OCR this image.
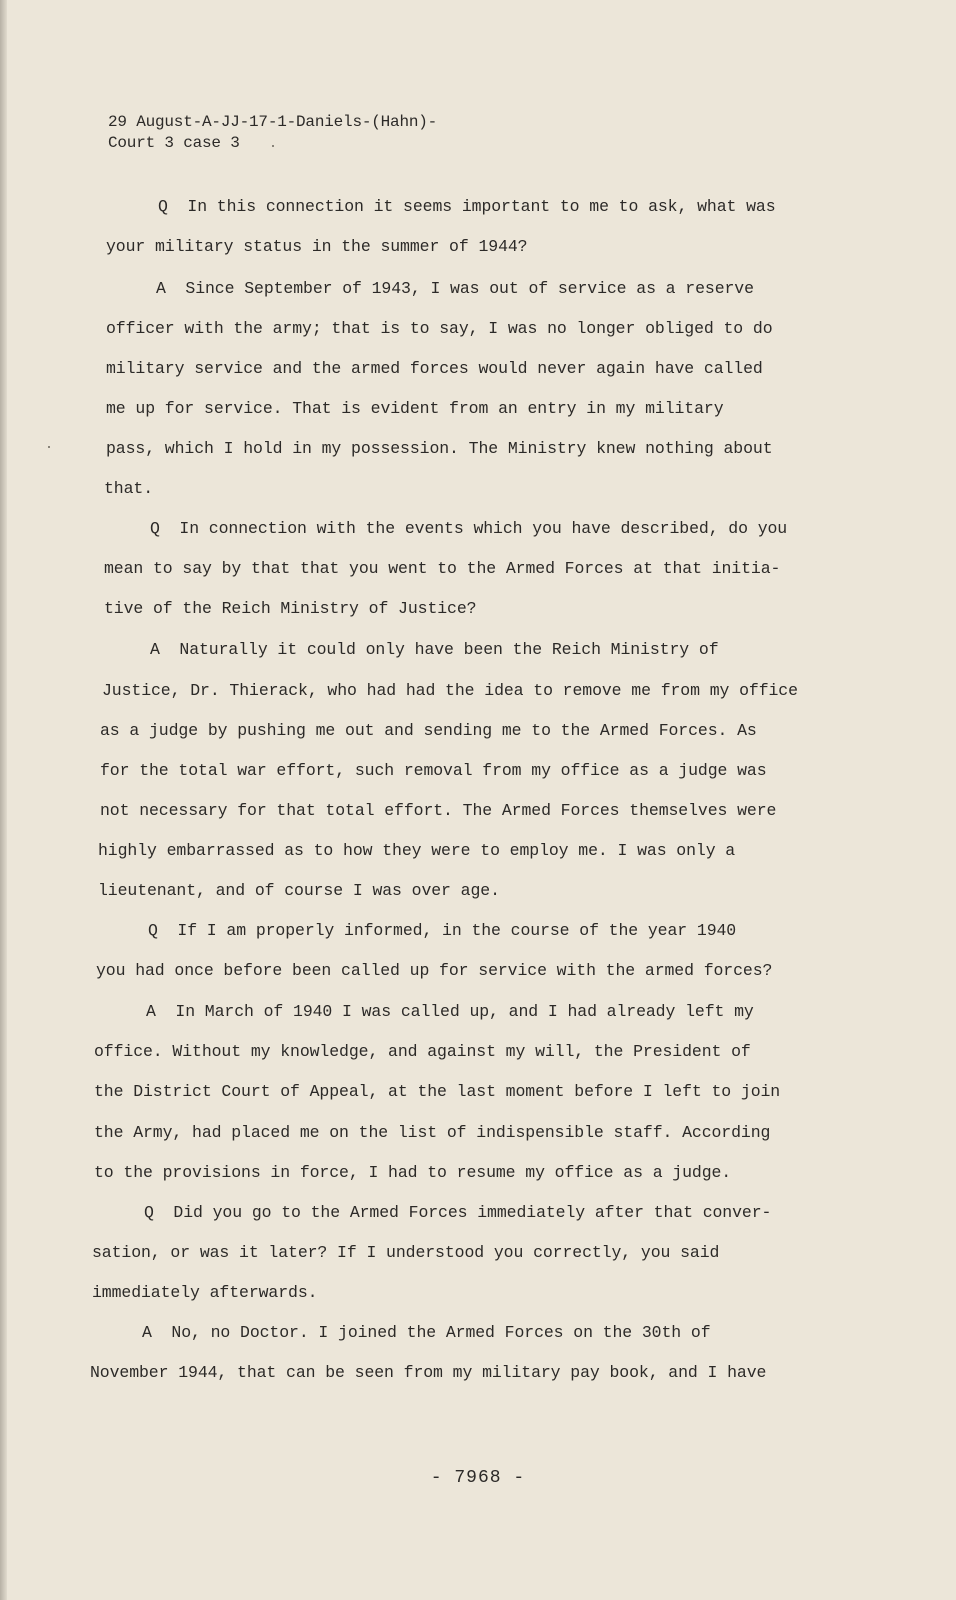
29 August-A-JJ-17-1-Daniels-(Hahn)-
Court 3 case 3
Q  In this connection it seems important to me to ask, what was
your military status in the summer of 1944?
A  Since September of 1943, I was out of service as a reserve
officer with the army; that is to say, I was no longer obliged to do
military service and the armed forces would never again have called
me up for service. That is evident from an entry in my military
pass, which I hold in my possession. The Ministry knew nothing about
that.
Q  In connection with the events which you have described, do you
mean to say by that that you went to the Armed Forces at that initia-
tive of the Reich Ministry of Justice?
A  Naturally it could only have been the Reich Ministry of
Justice, Dr. Thierack, who had had the idea to remove me from my office
as a judge by pushing me out and sending me to the Armed Forces. As
for the total war effort, such removal from my office as a judge was
not necessary for that total effort. The Armed Forces themselves were
highly embarrassed as to how they were to employ me. I was only a
lieutenant, and of course I was over age.
Q  If I am properly informed, in the course of the year 1940
you had once before been called up for service with the armed forces?
A  In March of 1940 I was called up, and I had already left my
office. Without my knowledge, and against my will, the President of
the District Court of Appeal, at the last moment before I left to join
the Army, had placed me on the list of indispensible staff. According
to the provisions in force, I had to resume my office as a judge.
Q  Did you go to the Armed Forces immediately after that conver-
sation, or was it later? If I understood you correctly, you said
immediately afterwards.
A  No, no Doctor. I joined the Armed Forces on the 30th of
November 1944, that can be seen from my military pay book, and I have
- 7968 -
